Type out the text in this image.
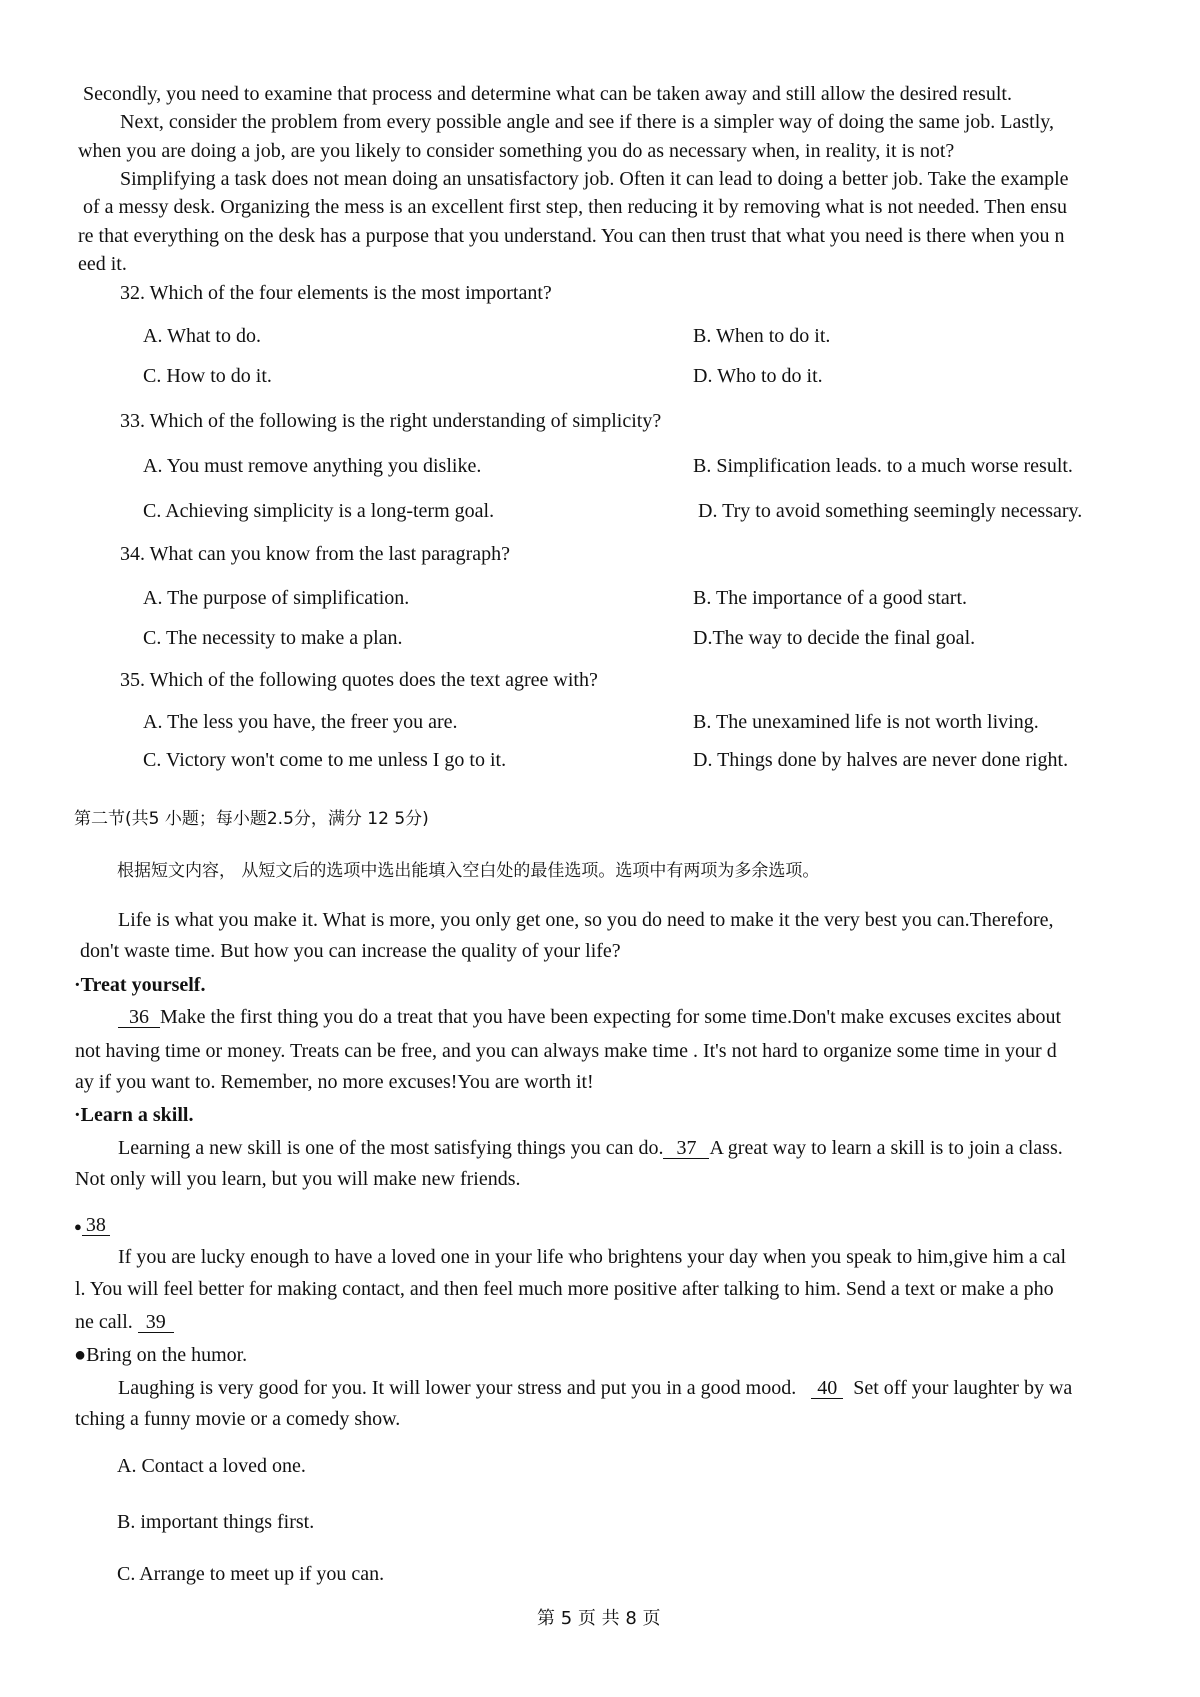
Secondly, you need to examine that process and determine what can be taken away and still allow the desired result.
Next, consider the problem from every possible angle and see if there is a simpler way of doing the same job. Lastly,
when you are doing a job, are you likely to consider something you do as necessary when, in reality, it is not?
Simplifying a task does not mean doing an unsatisfactory job. Often it can lead to doing a better job. Take the example
of a messy desk. Organizing the mess is an excellent first step, then reducing it by removing what is not needed. Then ensu
re that everything on the desk has a purpose that you understand. You can then trust that what you need is there when you n
eed it.
32. Which of the four elements is the most important?
A. What to do.	B. When to do it.
C. How to do it.	D. Who to do it.
33. Which of the following is the right understanding of simplicity?
A. You must remove anything you dislike.	B. Simplification leads. to a much worse result.
C. Achieving simplicity is a long-term goal.	D. Try to avoid something seemingly necessary.
34. What can you know from the last paragraph?
A. The purpose of simplification.	B. The importance of a good start.
C. The necessity to make a plan.	D.The way to decide the final goal.
35. Which of the following quotes does the text agree with?
A. The less you have, the freer you are.	B. The unexamined life is not worth living.
C. Victory won't come to me unless I go to it.	D. Things done by halves are never done right.
第二节(共5 小题；每小题2.5分，满分 12 5分)
根据短文内容， 从短文后的选项中选出能填入空白处的最佳选项。选项中有两项为多余选项。
Life is what you make it. What is more, you only get one, so you do need to make it the very best you can.Therefore,
don't waste time. But how you can increase the quality of your life?
·Treat yourself.
36 Make the first thing you do a treat that you have been expecting for some time.Don't make excuses excites about
not having time or money. Treats can be free, and you can always make time . It's not hard to organize some time in your d
ay if you want to. Remember, no more excuses!You are worth it!
·Learn a skill.
Learning a new skill is one of the most satisfying things you can do. 37 A great way to learn a skill is to join a class.
Not only will you learn, but you will make new friends.
● 38
If you are lucky enough to have a loved one in your life who brightens your day when you speak to him,give him a cal
l. You will feel better for making contact, and then feel much more positive after talking to him. Send a text or make a pho
ne call. 39
●Bring on the humor.
Laughing is very good for you. It will lower your stress and put you in a good mood. 40 Set off your laughter by wa
tching a funny movie or a comedy show.
A. Contact a loved one.
B. important things first.
C. Arrange to meet up if you can.
第 5 页 共 8 页
